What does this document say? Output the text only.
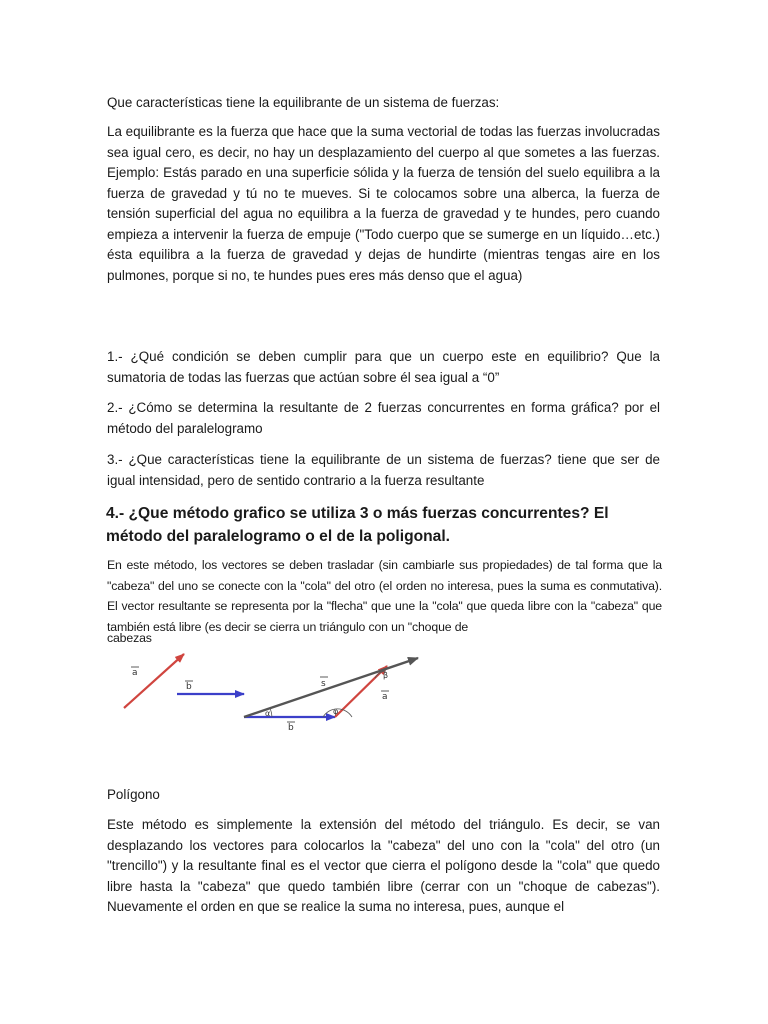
Que características tiene la equilibrante de un sistema de fuerzas:

La equilibrante es la fuerza que hace que la suma vectorial de todas las fuerzas involucradas sea igual cero, es decir, no hay un desplazamiento del cuerpo al que sometes a las fuerzas. Ejemplo: Estás parado en una superficie sólida y la fuerza de tensión del suelo equilibra a la fuerza de gravedad y tú no te mueves. Si te colocamos sobre una alberca, la fuerza de tensión superficial del agua no equilibra a la fuerza de gravedad y te hundes, pero cuando empieza a intervenir la fuerza de empuje ("Todo cuerpo que se sumerge en un líquido…etc.) ésta equilibra a la fuerza de gravedad y dejas de hundirte (mientras tengas aire en los pulmones, porque si no, te hundes pues eres más denso que el agua)

1.- ¿Qué condición se deben cumplir para que un cuerpo este en equilibrio? Que la sumatoria de todas las fuerzas que actúan sobre él sea igual a “0”

2.- ¿Cómo se determina la resultante de 2 fuerzas concurrentes en forma gráfica? por el método del paralelogramo

3.- ¿Que características tiene la equilibrante de un sistema de fuerzas? tiene que ser de igual intensidad, pero de sentido contrario a la fuerza resultante

4.- ¿Que método grafico se utiliza 3 o más fuerzas concurrentes? El método del paralelogramo o el de la poligonal.

En este método, los vectores se deben trasladar (sin cambiarle sus propiedades) de tal forma que la "cabeza" del uno se conecte con la "cola" del otro (el orden no interesa, pues la suma es conmutativa). El vector resultante se representa por la "flecha" que une la "cola" que queda libre con la "cabeza" que también está libre (es decir se cierra un triángulo con un "choque de

cabezas
a
b
α	φ
β
s
a
b

Polígono

Este método es simplemente la extensión del método del triángulo. Es decir, se van desplazando los vectores para colocarlos la "cabeza" del uno con la "cola" del otro (un "trencillo") y la resultante final es el vector que cierra el polígono desde la "cola" que quedo libre hasta la "cabeza" que quedo también libre (cerrar con un "choque de cabezas"). Nuevamente el orden en que se realice la suma no interesa, pues, aunque el
